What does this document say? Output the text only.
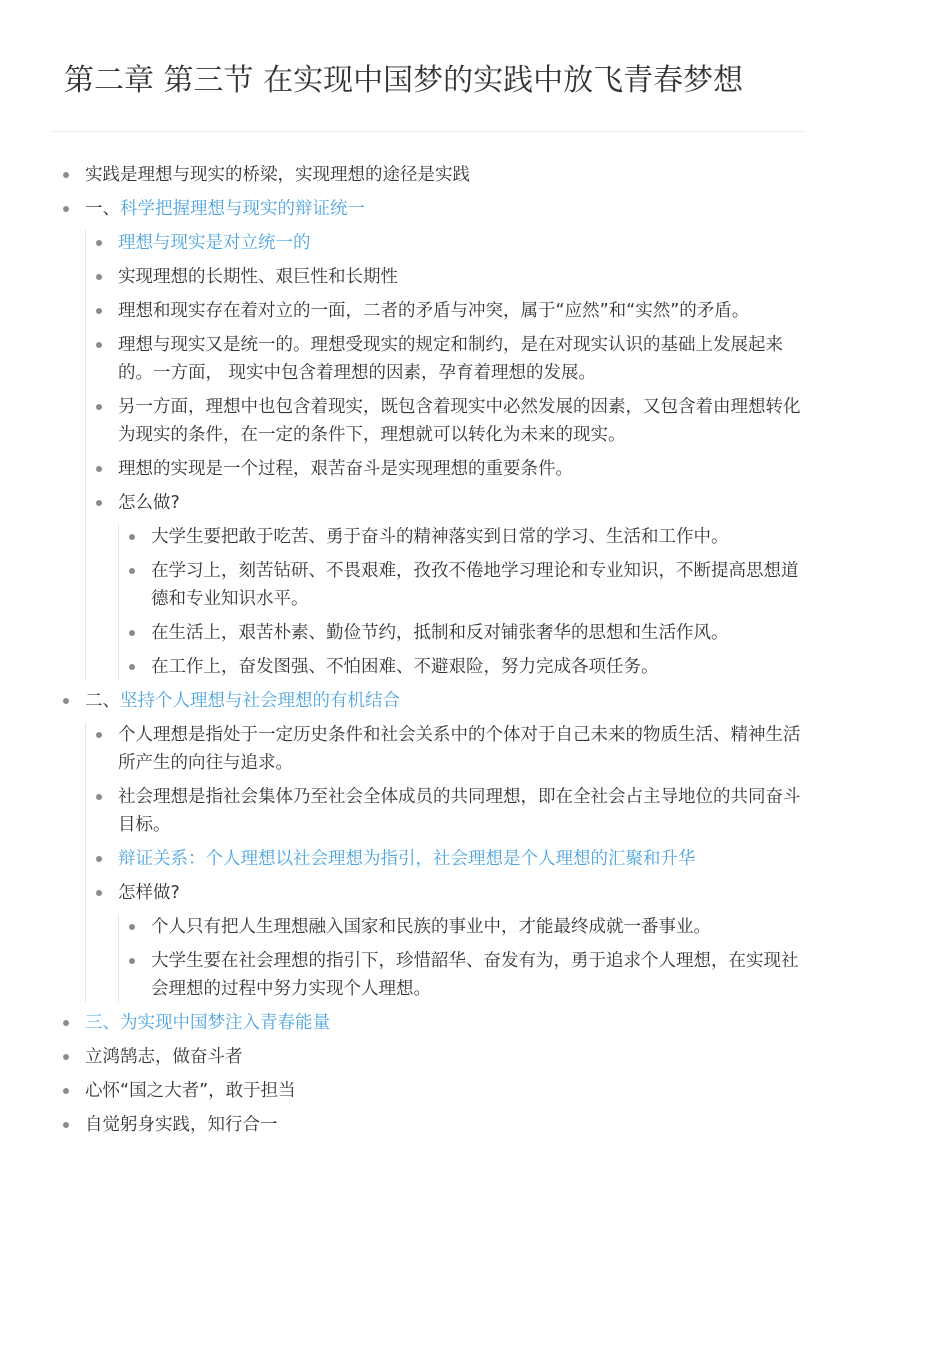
第二章 第三节 在实现中国梦的实践中放飞青春梦想
实践是理想与现实的桥梁，实现理想的途径是实践
一、科学把握理想与现实的辩证统一
理想与现实是对立统一的
实现理想的长期性、艰巨性和长期性
理想和现实存在着对立的一面，二者的矛盾与冲突，属于“应然”和“实然”的矛盾。
理想与现实又是统一的。理想受现实的规定和制约，是在对现实认识的基础上发展起来的。一方面， 现实中包含着理想的因素，孕育着理想的发展。
另一方面，理想中也包含着现实，既包含着现实中必然发展的因素，又包含着由理想转化为现实的条件，在一定的条件下，理想就可以转化为未来的现实。
理想的实现是一个过程，艰苦奋斗是实现理想的重要条件。
怎么做?
大学生要把敢于吃苦、勇于奋斗的精神落实到日常的学习、生活和工作中。
在学习上，刻苦钻研、不畏艰难，孜孜不倦地学习理论和专业知识，不断提高思想道德和专业知识水平。
在生活上，艰苦朴素、勤俭节约，抵制和反对铺张奢华的思想和生活作风。
在工作上，奋发图强、不怕困难、不避艰险，努力完成各项任务。
二、坚持个人理想与社会理想的有机结合
个人理想是指处于一定历史条件和社会关系中的个体对于自己未来的物质生活、精神生活所产生的向往与追求。
社会理想是指社会集体乃至社会全体成员的共同理想，即在全社会占主导地位的共同奋斗目标。
辩证关系：个人理想以社会理想为指引，社会理想是个人理想的汇聚和升华
怎样做?
个人只有把人生理想融入国家和民族的事业中，才能最终成就一番事业。
大学生要在社会理想的指引下，珍惜韶华、奋发有为，勇于追求个人理想，在实现社会理想的过程中努力实现个人理想。
三、为实现中国梦注入青春能量
立鸿鹄志，做奋斗者
心怀“国之大者”，敢于担当
自觉躬身实践，知行合一
